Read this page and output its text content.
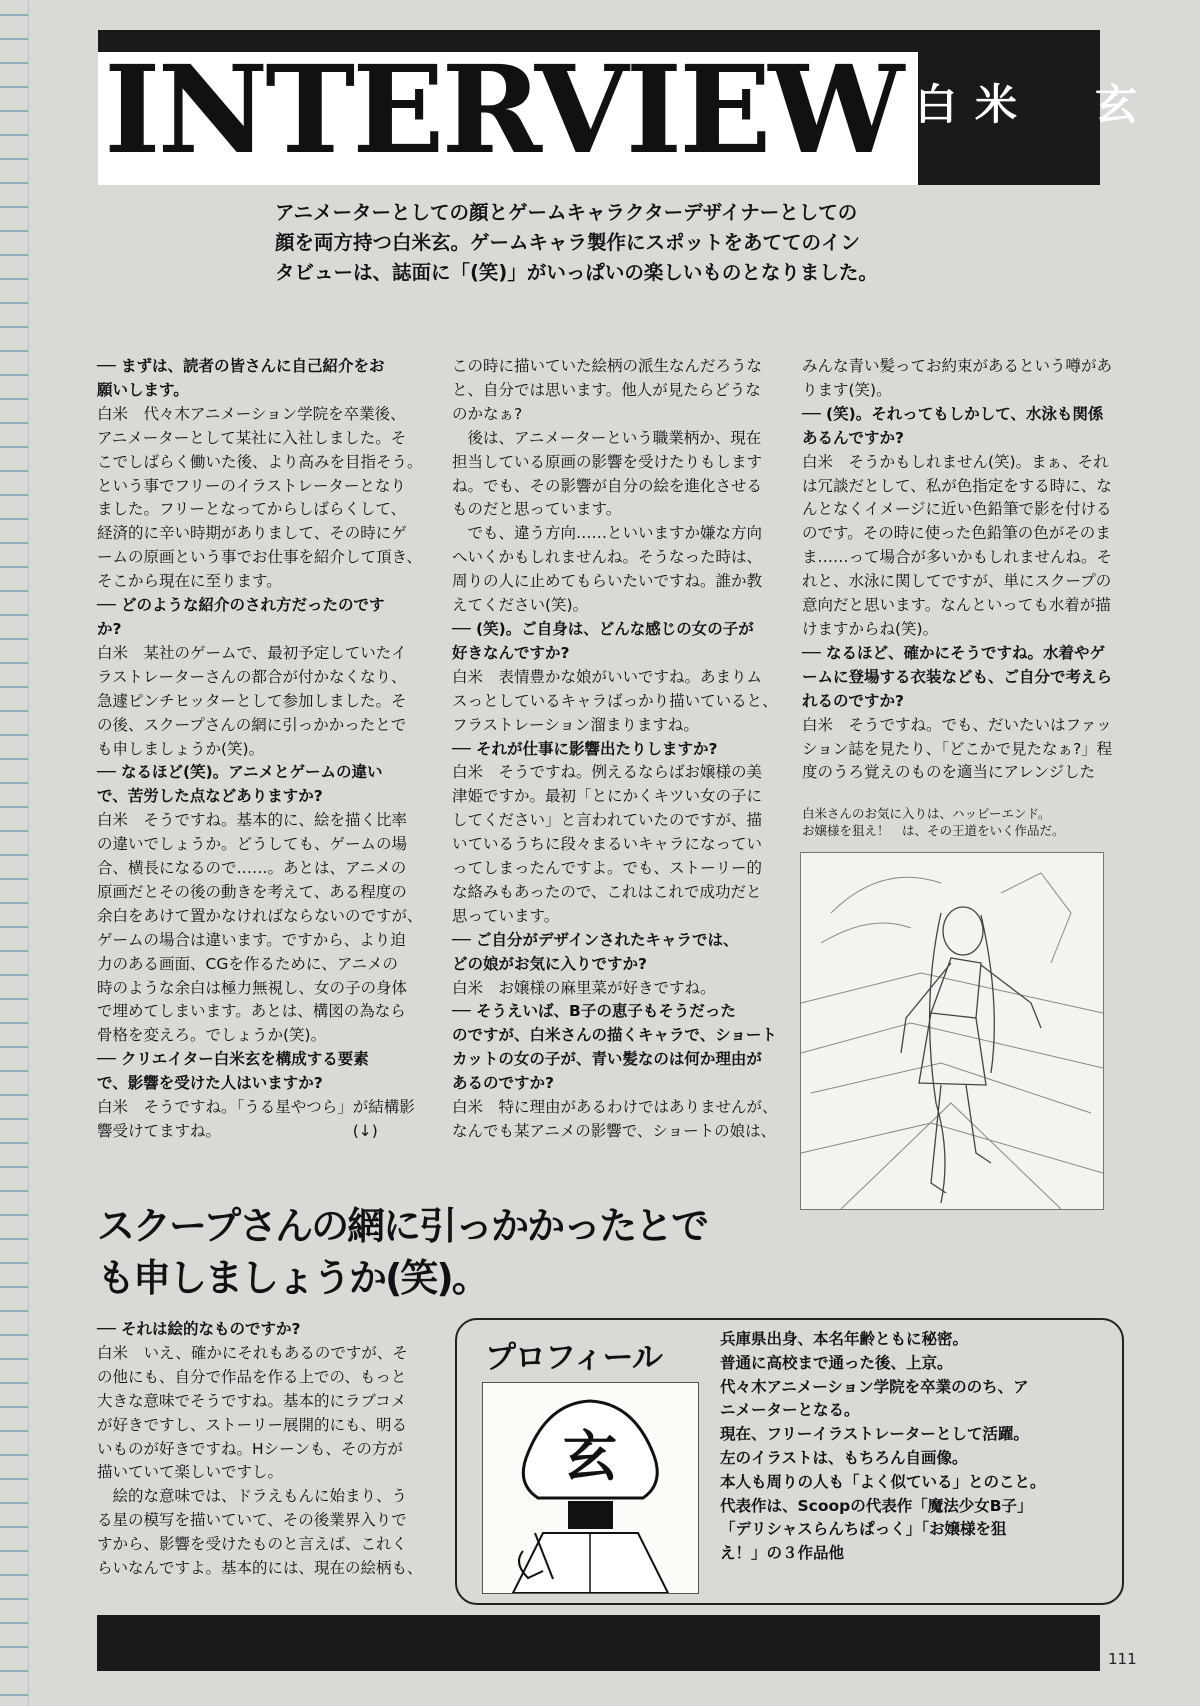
INTERVIEW 白米　玄

アニメーターとしての顔とゲームキャラクターデザイナーとしての

顔を両方持つ白米玄。ゲームキャラ製作にスポットをあててのイン

タビューは、誌面に「(笑)」がいっぱいの楽しいものとなりました。

── まずは、読者の皆さんに自己紹介をお

願いします。

白米　代々木アニメーション学院を卒業後、

アニメーターとして某社に入社しました。そ

こでしばらく働いた後、より高みを目指そう。

という事でフリーのイラストレーターとなり

ました。フリーとなってからしばらくして、

経済的に辛い時期がありまして、その時にゲ

ームの原画という事でお仕事を紹介して頂き、

そこから現在に至ります。

── どのような紹介のされ方だったのです

か?

白米　某社のゲームで、最初予定していたイ

ラストレーターさんの都合が付かなくなり、

急遽ピンチヒッターとして参加しました。そ

の後、スクープさんの網に引っかかったとで

も申しましょうか(笑)。

── なるほど(笑)。アニメとゲームの違い

で、苦労した点などありますか?

白米　そうですね。基本的に、絵を描く比率

の違いでしょうか。どうしても、ゲームの場

合、横長になるので……。あとは、アニメの

原画だとその後の動きを考えて、ある程度の

余白をあけて置かなければならないのですが、

ゲームの場合は違います。ですから、より迫

力のある画面、CGを作るために、アニメの

時のような余白は極力無視し、女の子の身体

で埋めてしまいます。あとは、構図の為なら

骨格を変えろ。でしょうか(笑)。

── クリエイター白米玄を構成する要素

で、影響を受けた人はいますか?

白米　そうですね。「うる星やつら」が結構影

響受けてますね。　　　　　　　　　(↓)

この時に描いていた絵柄の派生なんだろうな

と、自分では思います。他人が見たらどうな

のかなぁ?

　後は、アニメーターという職業柄か、現在

担当している原画の影響を受けたりもします

ね。でも、その影響が自分の絵を進化させる

ものだと思っています。

　でも、違う方向……といいますか嫌な方向

へいくかもしれませんね。そうなった時は、

周りの人に止めてもらいたいですね。誰か教

えてください(笑)。

── (笑)。ご自身は、どんな感じの女の子が

好きなんですか?

白米　表情豊かな娘がいいですね。あまりム

スっとしているキャラばっかり描いていると、

フラストレーション溜まりますね。

── それが仕事に影響出たりしますか?

白米　そうですね。例えるならばお嬢様の美

津姫ですか。最初「とにかくキツい女の子に

してください」と言われていたのですが、描

いているうちに段々まるいキャラになってい

ってしまったんですよ。でも、ストーリー的

な絡みもあったので、これはこれで成功だと

思っています。

── ご自分がデザインされたキャラでは、

どの娘がお気に入りですか?

白米　お嬢様の麻里菜が好きですね。

── そうえいば、B子の恵子もそうだった

のですが、白米さんの描くキャラで、ショート

カットの女の子が、青い髪なのは何か理由が

あるのですか?

白米　特に理由があるわけではありませんが、

なんでも某アニメの影響で、ショートの娘は、

みんな青い髪ってお約束があるという噂があ

ります(笑)。

── (笑)。それってもしかして、水泳も関係

あるんですか?

白米　そうかもしれません(笑)。まぁ、それ

は冗談だとして、私が色指定をする時に、な

んとなくイメージに近い色鉛筆で影を付ける

のです。その時に使った色鉛筆の色がそのま

ま……って場合が多いかもしれませんね。そ

れと、水泳に関してですが、単にスクープの

意向だと思います。なんといっても水着が描

けますからね(笑)。

── なるほど、確かにそうですね。水着やゲ

ームに登場する衣装なども、ご自分で考えら

れるのですか?

白米　そうですね。でも、だいたいはファッ

ション誌を見たり、「どこかで見たなぁ?」程

度のうろ覚えのものを適当にアレンジした

── それは絵的なものですか?

白米　いえ、確かにそれもあるのですが、そ

の他にも、自分で作品を作る上での、もっと

大きな意味でそうですね。基本的にラブコメ

が好きですし、ストーリー展開的にも、明る

いものが好きですね。Hシーンも、その方が

描いていて楽しいですし。

　絵的な意味では、ドラえもんに始まり、う

る星の模写を描いていて、その後業界入りで

すから、影響を受けたものと言えば、これく

らいなんですよ。基本的には、現在の絵柄も、

白米さんのお気に入りは、ハッピーエンド。

お嬢様を狙え！　は、その王道をいく作品だ。

スクープさんの網に引っかかったとで

も申しましょうか(笑)。

プロフィール
玄

兵庫県出身、本名年齢ともに秘密。

普通に高校まで通った後、上京。

代々木アニメーション学院を卒業ののち、ア

ニメーターとなる。

現在、フリーイラストレーターとして活躍。

左のイラストは、もちろん自画像。

本人も周りの人も「よく似ている」とのこと。

代表作は、Scoopの代表作「魔法少女B子」

「デリシャスらんちぱっく」「お嬢様を狙

え！」の３作品他

111
